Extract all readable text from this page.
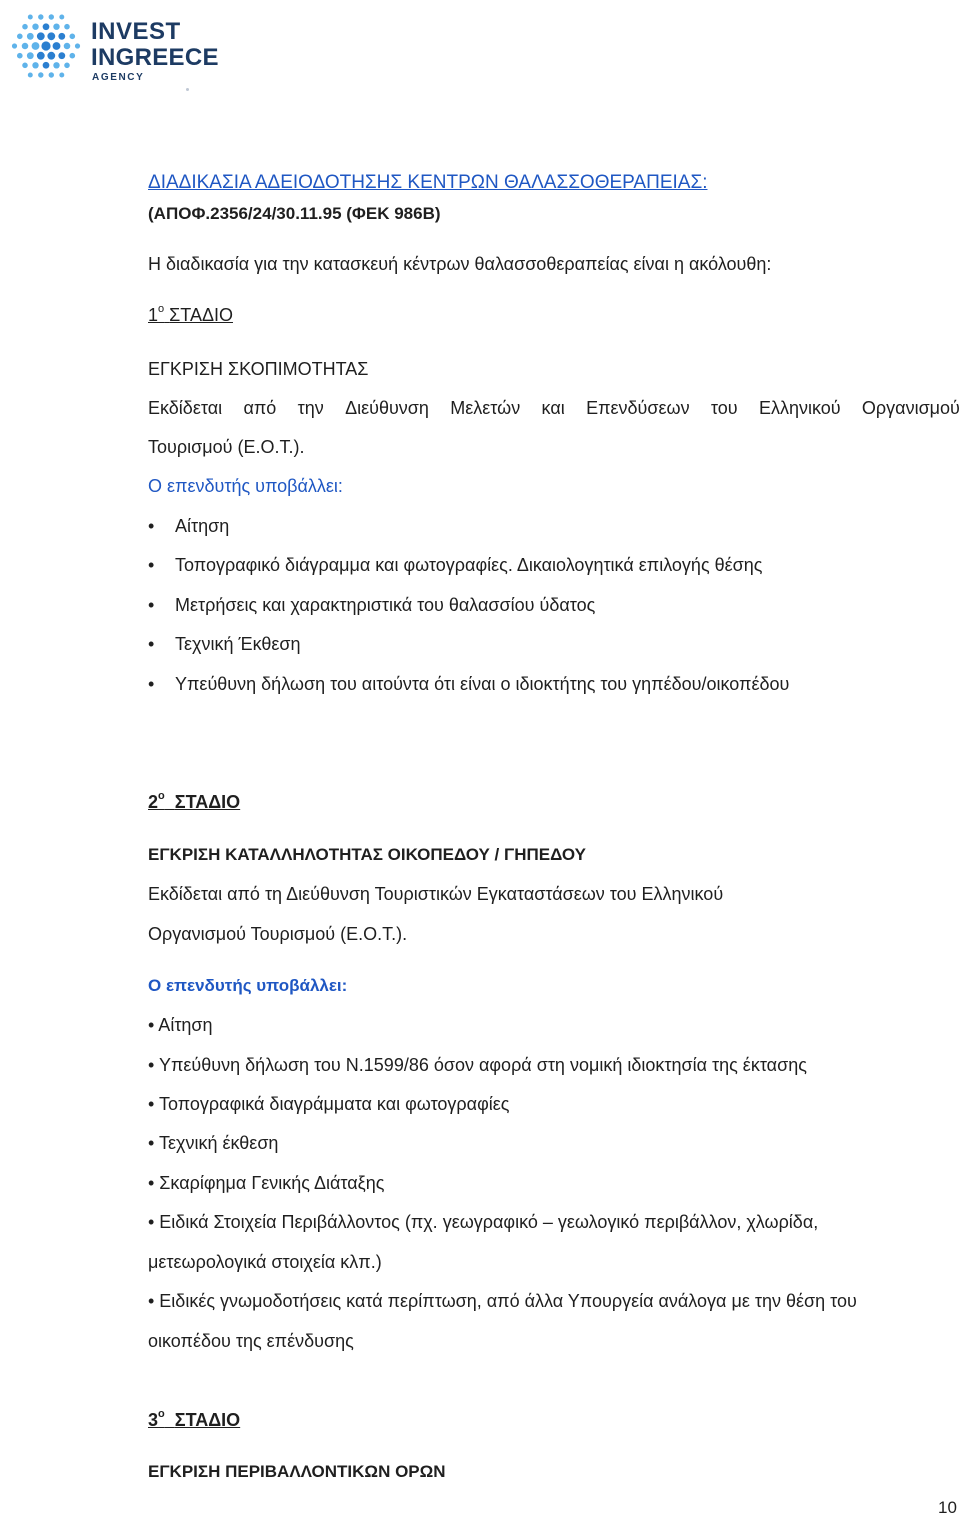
INVEST
INGREECE
AGENCY
ΔΙΑΔΙΚΑΣΙΑ ΑΔΕΙΟΔΟΤΗΣΗΣ ΚΕΝΤΡΩΝ ΘΑΛΑΣΣΟΘΕΡΑΠΕΙΑΣ:
(ΑΠΟΦ.2356/24/30.11.95 (ΦΕΚ 986Β)
Η διαδικασία για την κατασκευή κέντρων θαλασσοθεραπείας είναι η ακόλουθη:
$1^o$ ΣΤΑΔΙΟ
ΕΓΚΡΙΣΗ ΣΚΟΠΙΜΟΤΗΤΑΣ
Εκδίδεται από την Διεύθυνση Μελετών και Επενδύσεων του Ελληνικού Οργανισμού
Τουρισμού (Ε.Ο.Τ.).
Ο επενδυτής υποβάλλει:
• Αίτηση
• Τοπογραφικό διάγραμμα και φωτογραφίες. Δικαιολογητικά επιλογής θέσης
• Μετρήσεις και χαρακτηριστικά του θαλασσίου ύδατος
• Τεχνική Έκθεση
• Υπεύθυνη δήλωση του αιτούντα ότι είναι ο ιδιοκτήτης του γηπέδου/οικοπέδου
$2^o$ ΣΤΑΔΙΟ
ΕΓΚΡΙΣΗ ΚΑΤΑΛΛΗΛΟΤΗΤΑΣ ΟΙΚΟΠΕΔΟΥ / ΓΗΠΕΔΟΥ
Εκδίδεται από τη Διεύθυνση Τουριστικών Εγκαταστάσεων του Ελληνικού
Οργανισμού Τουρισμού (Ε.Ο.Τ.).
Ο επενδυτής υποβάλλει:
• Αίτηση
• Υπεύθυνη δήλωση του Ν.1599/86 όσον αφορά στη νομική ιδιοκτησία της έκτασης
• Τοπογραφικά διαγράμματα και φωτογραφίες
• Τεχνική έκθεση
• Σκαρίφημα Γενικής Διάταξης
• Ειδικά Στοιχεία Περιβάλλοντος (πχ. γεωγραφικό – γεωλογικό περιβάλλον, χλωρίδα,
μετεωρολογικά στοιχεία κλπ.)
• Ειδικές γνωμοδοτήσεις κατά περίπτωση, από άλλα Υπουργεία ανάλογα με την θέση του
οικοπέδου της επένδυσης
$3^o$ ΣΤΑΔΙΟ
ΕΓΚΡΙΣΗ ΠΕΡΙΒΑΛΛΟΝΤΙΚΩΝ ΟΡΩΝ
10
